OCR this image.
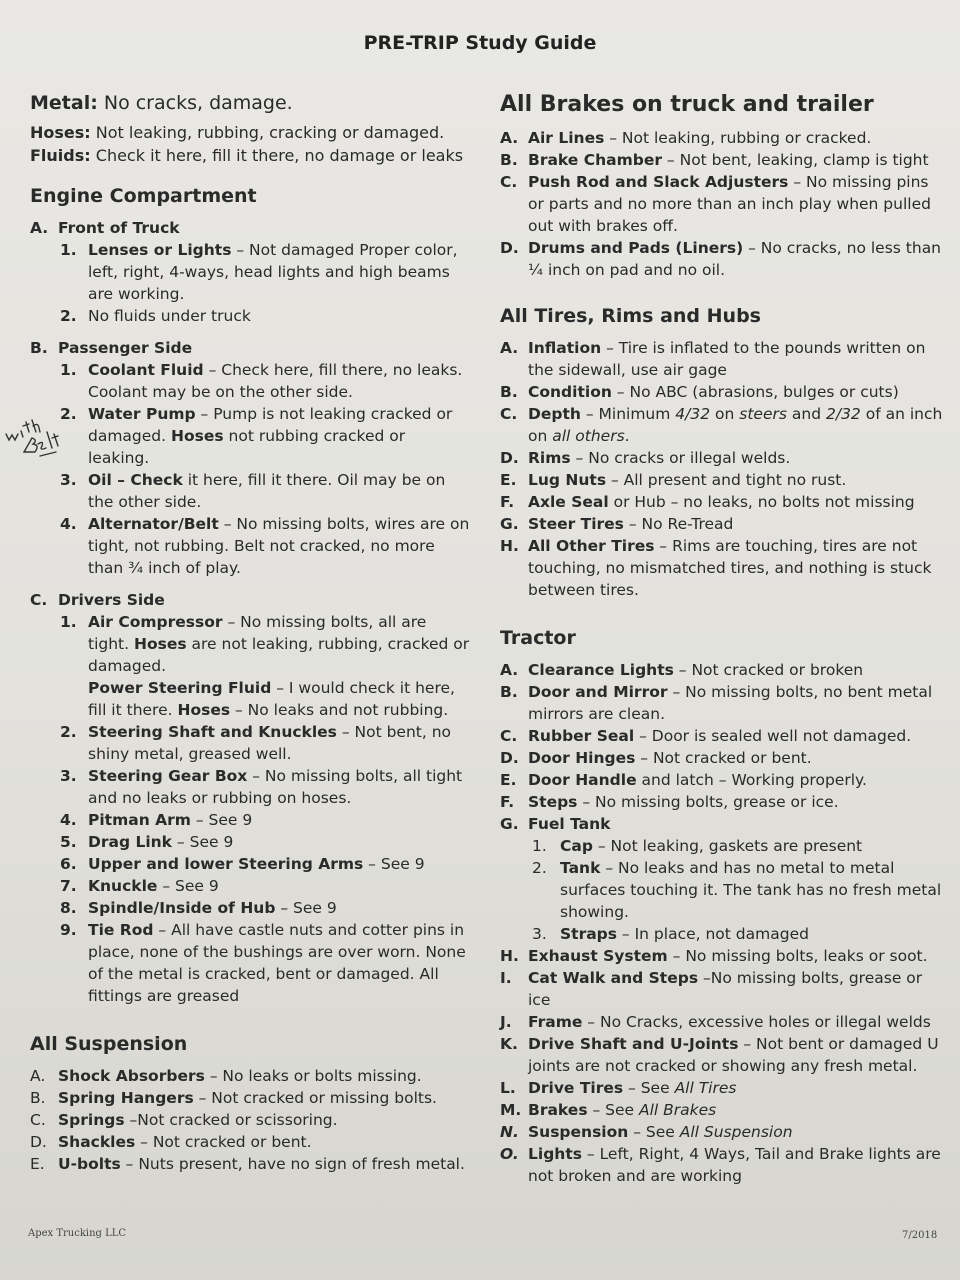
PRE-TRIP Study Guide

Metal: No cracks, damage.

Hoses: Not leaking, rubbing, cracking or damaged.

Fluids: Check it here, fill it there, no damage or leaks

Engine Compartment
A. Front of Truck
1. Lenses or Lights – Not damaged Proper color, left, right, 4-ways, head lights and high beams are working.
2. No fluids under truck
B. Passenger Side
1. Coolant Fluid – Check here, fill there, no leaks. Coolant may be on the other side.
2. Water Pump – Pump is not leaking cracked or damaged. Hoses not rubbing cracked or leaking.
3. Oil – Check it here, fill it there. Oil may be on the other side.
4. Alternator/Belt – No missing bolts, wires are on tight, not rubbing. Belt not cracked, no more than ¾ inch of play.
C. Drivers Side
1. Air Compressor – No missing bolts, all are tight. Hoses are not leaking, rubbing, cracked or damaged.
Power Steering Fluid – I would check it here, fill it there. Hoses – No leaks and not rubbing.
2. Steering Shaft and Knuckles – Not bent, no shiny metal, greased well.
3. Steering Gear Box – No missing bolts, all tight and no leaks or rubbing on hoses.
4. Pitman Arm – See 9
5. Drag Link – See 9
6. Upper and lower Steering Arms – See 9
7. Knuckle – See 9
8. Spindle/Inside of Hub – See 9
9. Tie Rod – All have castle nuts and cotter pins in place, none of the bushings are over worn. None of the metal is cracked, bent or damaged. All fittings are greased
All Suspension
A. Shock Absorbers – No leaks or bolts missing.
B. Spring Hangers – Not cracked or missing bolts.
C. Springs –Not cracked or scissoring.
D. Shackles – Not cracked or bent.
E. U-bolts – Nuts present, have no sign of fresh metal.
All Brakes on truck and trailer
A. Air Lines – Not leaking, rubbing or cracked.
B. Brake Chamber – Not bent, leaking, clamp is tight
C. Push Rod and Slack Adjusters – No missing pins or parts and no more than an inch play when pulled out with brakes off.
D. Drums and Pads (Liners) – No cracks, no less than ¼ inch on pad and no oil.
All Tires, Rims and Hubs
A. Inflation – Tire is inflated to the pounds written on the sidewall, use air gage
B. Condition – No ABC (abrasions, bulges or cuts)
C. Depth – Minimum 4/32 on steers and 2/32 of an inch on all others.
D. Rims – No cracks or illegal welds.
E. Lug Nuts – All present and tight no rust.
F. Axle Seal or Hub – no leaks, no bolts not missing
G. Steer Tires – No Re-Tread
H. All Other Tires – Rims are touching, tires are not touching, no mismatched tires, and nothing is stuck between tires.
Tractor
A. Clearance Lights – Not cracked or broken
B. Door and Mirror – No missing bolts, no bent metal mirrors are clean.
C. Rubber Seal – Door is sealed well not damaged.
D. Door Hinges – Not cracked or bent.
E. Door Handle and latch – Working properly.
F. Steps – No missing bolts, grease or ice.
G. Fuel Tank
1. Cap – Not leaking, gaskets are present
2. Tank – No leaks and has no metal to metal surfaces touching it. The tank has no fresh metal showing.
3. Straps – In place, not damaged
H. Exhaust System – No missing bolts, leaks or soot.
I.	Cat Walk and Steps –No missing bolts, grease or ice
J.	Frame – No Cracks, excessive holes or illegal welds
K. Drive Shaft and U-Joints – Not bent or damaged U joints are not cracked or showing any fresh metal.
L. Drive Tires – See All Tires
M. Brakes – See All Brakes
N. Suspension – See All Suspension
O. Lights – Left, Right, 4 Ways, Tail and Brake lights are not broken and are working
Apex Trucking LLC	7/2018
